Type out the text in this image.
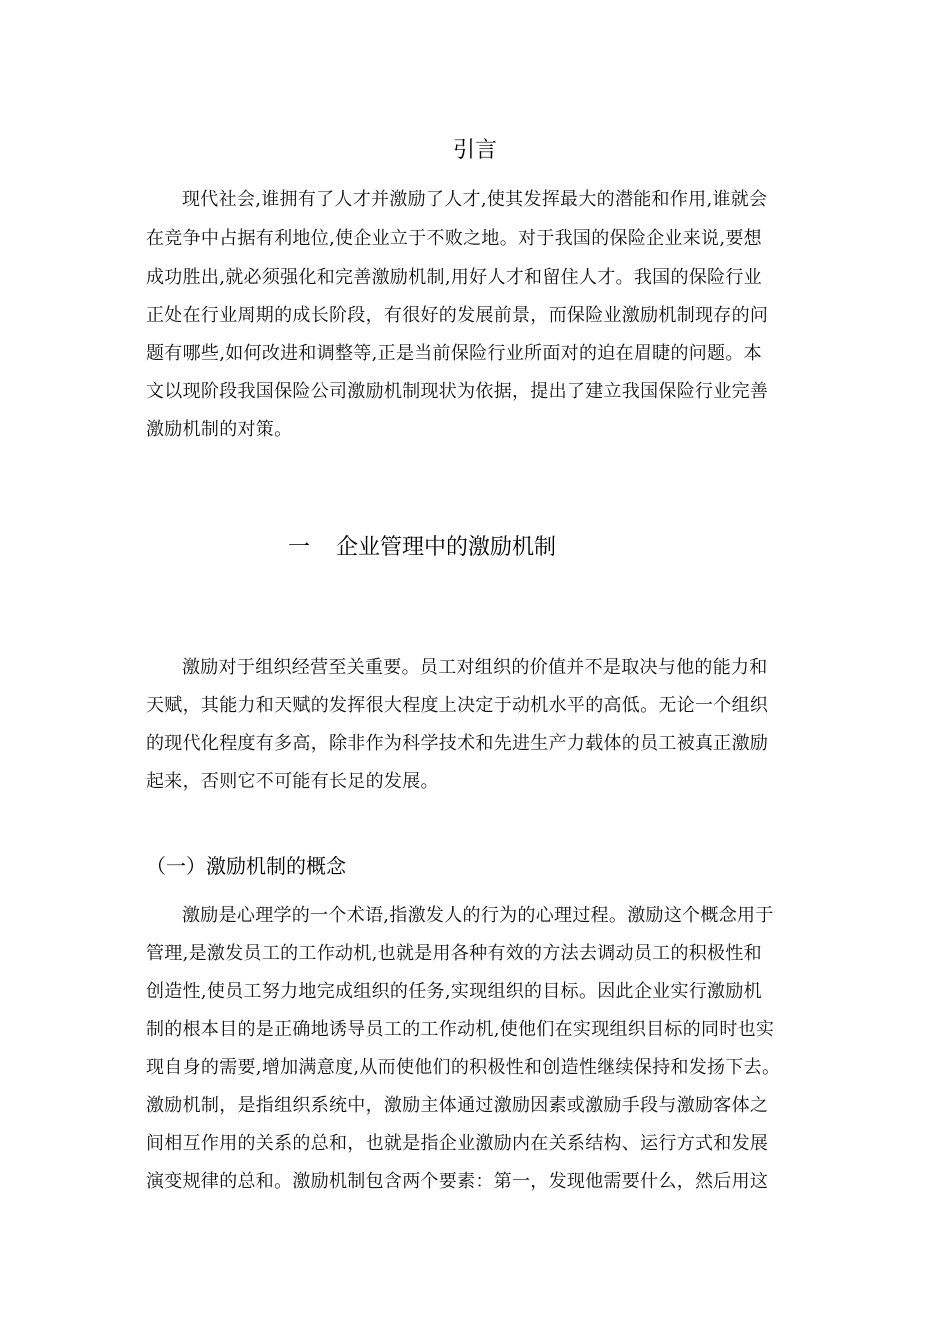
引言
现代社会,谁拥有了人才并激励了人才,使其发挥最大的潜能和作用,谁就会
在竞争中占据有利地位,使企业立于不败之地。对于我国的保险企业来说,要想
成功胜出,就必须强化和完善激励机制,用好人才和留住人才。我国的保险行业
正处在行业周期的成长阶段，有很好的发展前景，而保险业激励机制现存的问
题有哪些,如何改进和调整等,正是当前保险行业所面对的迫在眉睫的问题。本
文以现阶段我国保险公司激励机制现状为依据，提出了建立我国保险行业完善
激励机制的对策。
一 企业管理中的激励机制
激励对于组织经营至关重要。员工对组织的价值并不是取决与他的能力和
天赋，其能力和天赋的发挥很大程度上决定于动机水平的高低。无论一个组织
的现代化程度有多高，除非作为科学技术和先进生产力载体的员工被真正激励
起来，否则它不可能有长足的发展。
（一）激励机制的概念
激励是心理学的一个术语,指激发人的行为的心理过程。激励这个概念用于
管理,是激发员工的工作动机,也就是用各种有效的方法去调动员工的积极性和
创造性,使员工努力地完成组织的任务,实现组织的目标。因此企业实行激励机
制的根本目的是正确地诱导员工的工作动机,使他们在实现组织目标的同时也实
现自身的需要,增加满意度,从而使他们的积极性和创造性继续保持和发扬下去。
激励机制，是指组织系统中，激励主体通过激励因素或激励手段与激励客体之
间相互作用的关系的总和，也就是指企业激励内在关系结构、运行方式和发展
演变规律的总和。激励机制包含两个要素：第一，发现他需要什么，然后用这
